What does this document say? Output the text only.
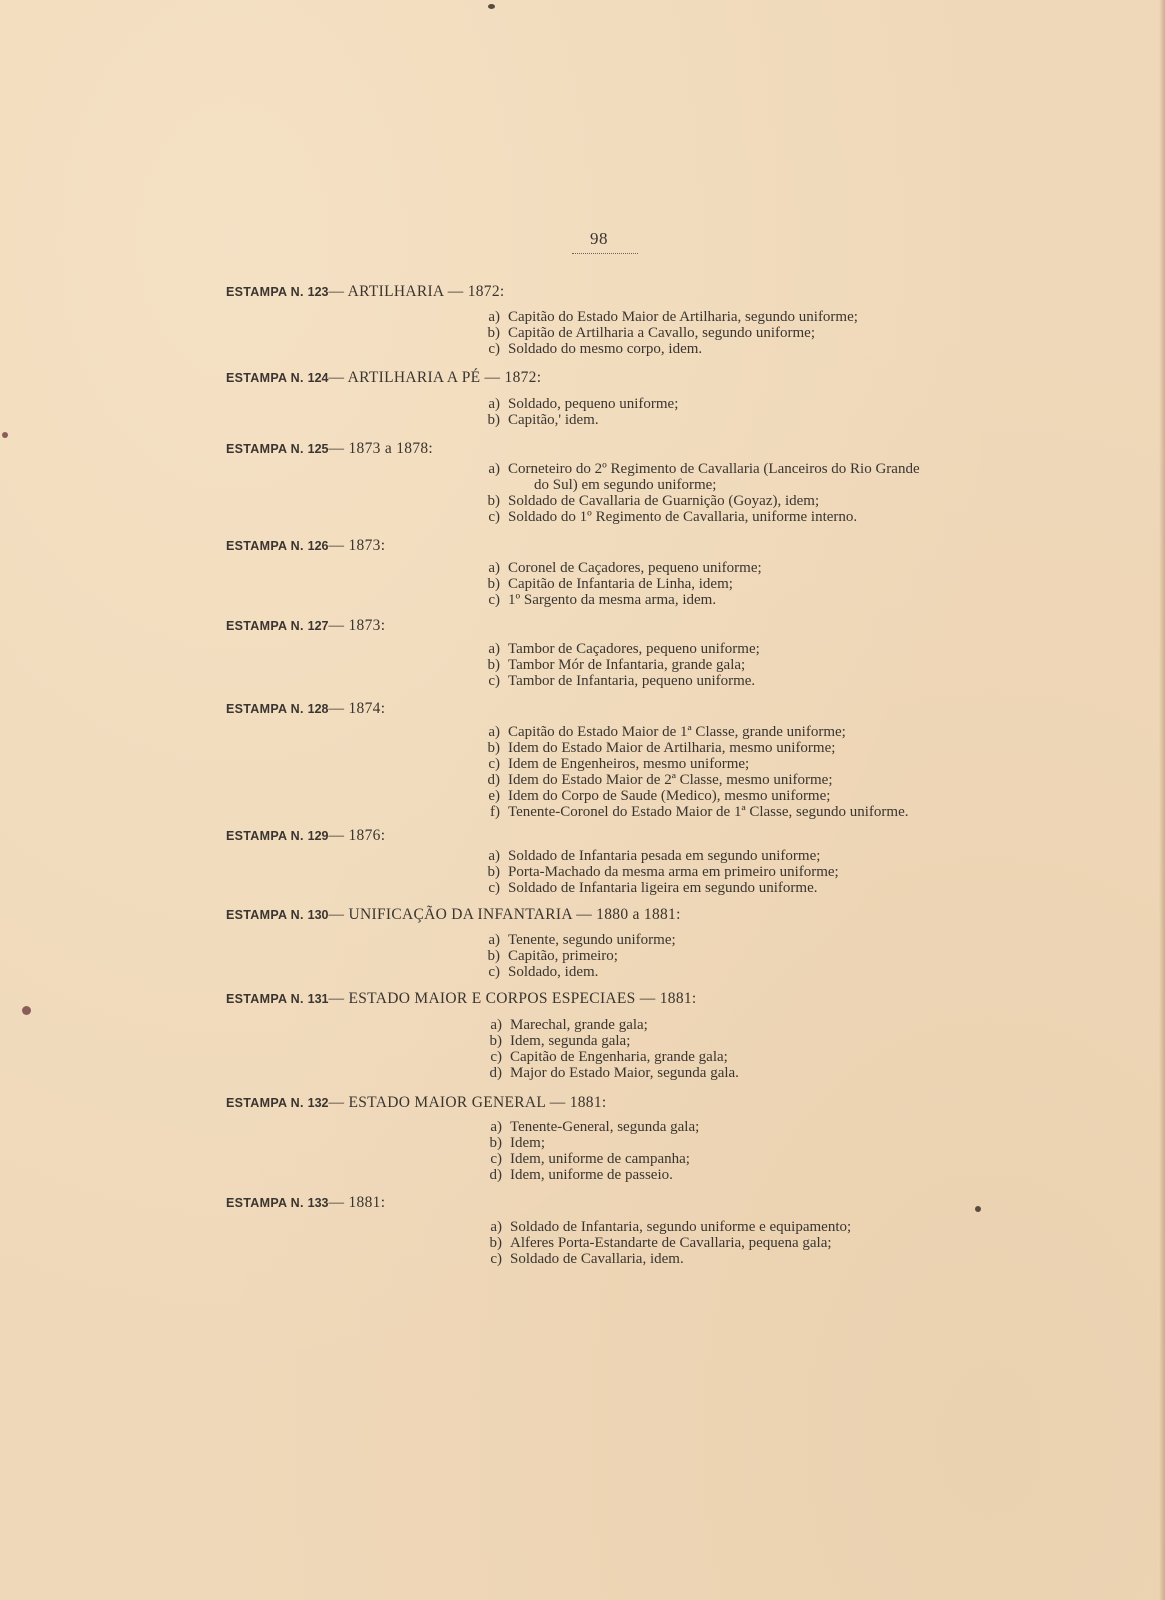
98
ESTAMPA N. 123— ARTILHARIA — 1872:
a) Capitão do Estado Maior de Artilharia, segundo uniforme;
b) Capitão de Artilharia a Cavallo, segundo uniforme;
c) Soldado do mesmo corpo, idem.
ESTAMPA N. 124— ARTILHARIA A PÉ — 1872:
a) Soldado, pequeno uniforme;
b) Capitão,' idem.
ESTAMPA N. 125— 1873 a 1878:
a) Corneteiro do 2º Regimento de Cavallaria (Lanceiros do Rio Grande
do Sul) em segundo uniforme;
b) Soldado de Cavallaria de Guarnição (Goyaz), idem;
c) Soldado do 1º Regimento de Cavallaria, uniforme interno.
ESTAMPA N. 126— 1873:
a) Coronel de Caçadores, pequeno uniforme;
b) Capitão de Infantaria de Linha, idem;
c) 1º Sargento da mesma arma, idem.
ESTAMPA N. 127— 1873:
a) Tambor de Caçadores, pequeno uniforme;
b) Tambor Mór de Infantaria, grande gala;
c) Tambor de Infantaria, pequeno uniforme.
ESTAMPA N. 128— 1874:
a) Capitão do Estado Maior de 1ª Classe, grande uniforme;
b) Idem do Estado Maior de Artilharia, mesmo uniforme;
c) Idem de Engenheiros, mesmo uniforme;
d) Idem do Estado Maior de 2ª Classe, mesmo uniforme;
e) Idem do Corpo de Saude (Medico), mesmo uniforme;
f) Tenente-Coronel do Estado Maior de 1ª Classe, segundo uniforme.
ESTAMPA N. 129— 1876:
a) Soldado de Infantaria pesada em segundo uniforme;
b) Porta-Machado da mesma arma em primeiro uniforme;
c) Soldado de Infantaria ligeira em segundo uniforme.
ESTAMPA N. 130— UNIFICAÇÃO DA INFANTARIA — 1880 a 1881:
a) Tenente, segundo uniforme;
b) Capitão, primeiro;
c) Soldado, idem.
ESTAMPA N. 131— ESTADO MAIOR E CORPOS ESPECIAES — 1881:
a) Marechal, grande gala;
b) Idem, segunda gala;
c) Capitão de Engenharia, grande gala;
d) Major do Estado Maior, segunda gala.
ESTAMPA N. 132— ESTADO MAIOR GENERAL — 1881:
a) Tenente-General, segunda gala;
b) Idem;
c) Idem, uniforme de campanha;
d) Idem, uniforme de passeio.
ESTAMPA N. 133— 1881:
a) Soldado de Infantaria, segundo uniforme e equipamento;
b) Alferes Porta-Estandarte de Cavallaria, pequena gala;
c) Soldado de Cavallaria, idem.
